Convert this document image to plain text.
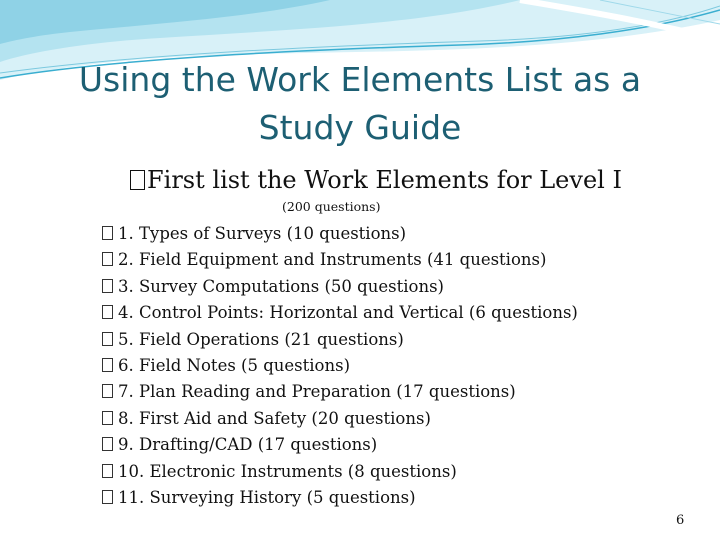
Using the Work Elements List as a Study Guide
First list the Work Elements for Level I
(200 questions)
1. Types of Surveys (10 questions)
2. Field Equipment and Instruments (41 questions)
3. Survey Computations (50 questions)
4. Control Points: Horizontal and Vertical (6 questions)
5. Field Operations (21 questions)
6. Field Notes (5 questions)
7. Plan Reading and Preparation (17 questions)
8. First Aid and Safety (20 questions)
9. Drafting/CAD (17 questions)
10. Electronic Instruments (8 questions)
11. Surveying History (5 questions)
6
